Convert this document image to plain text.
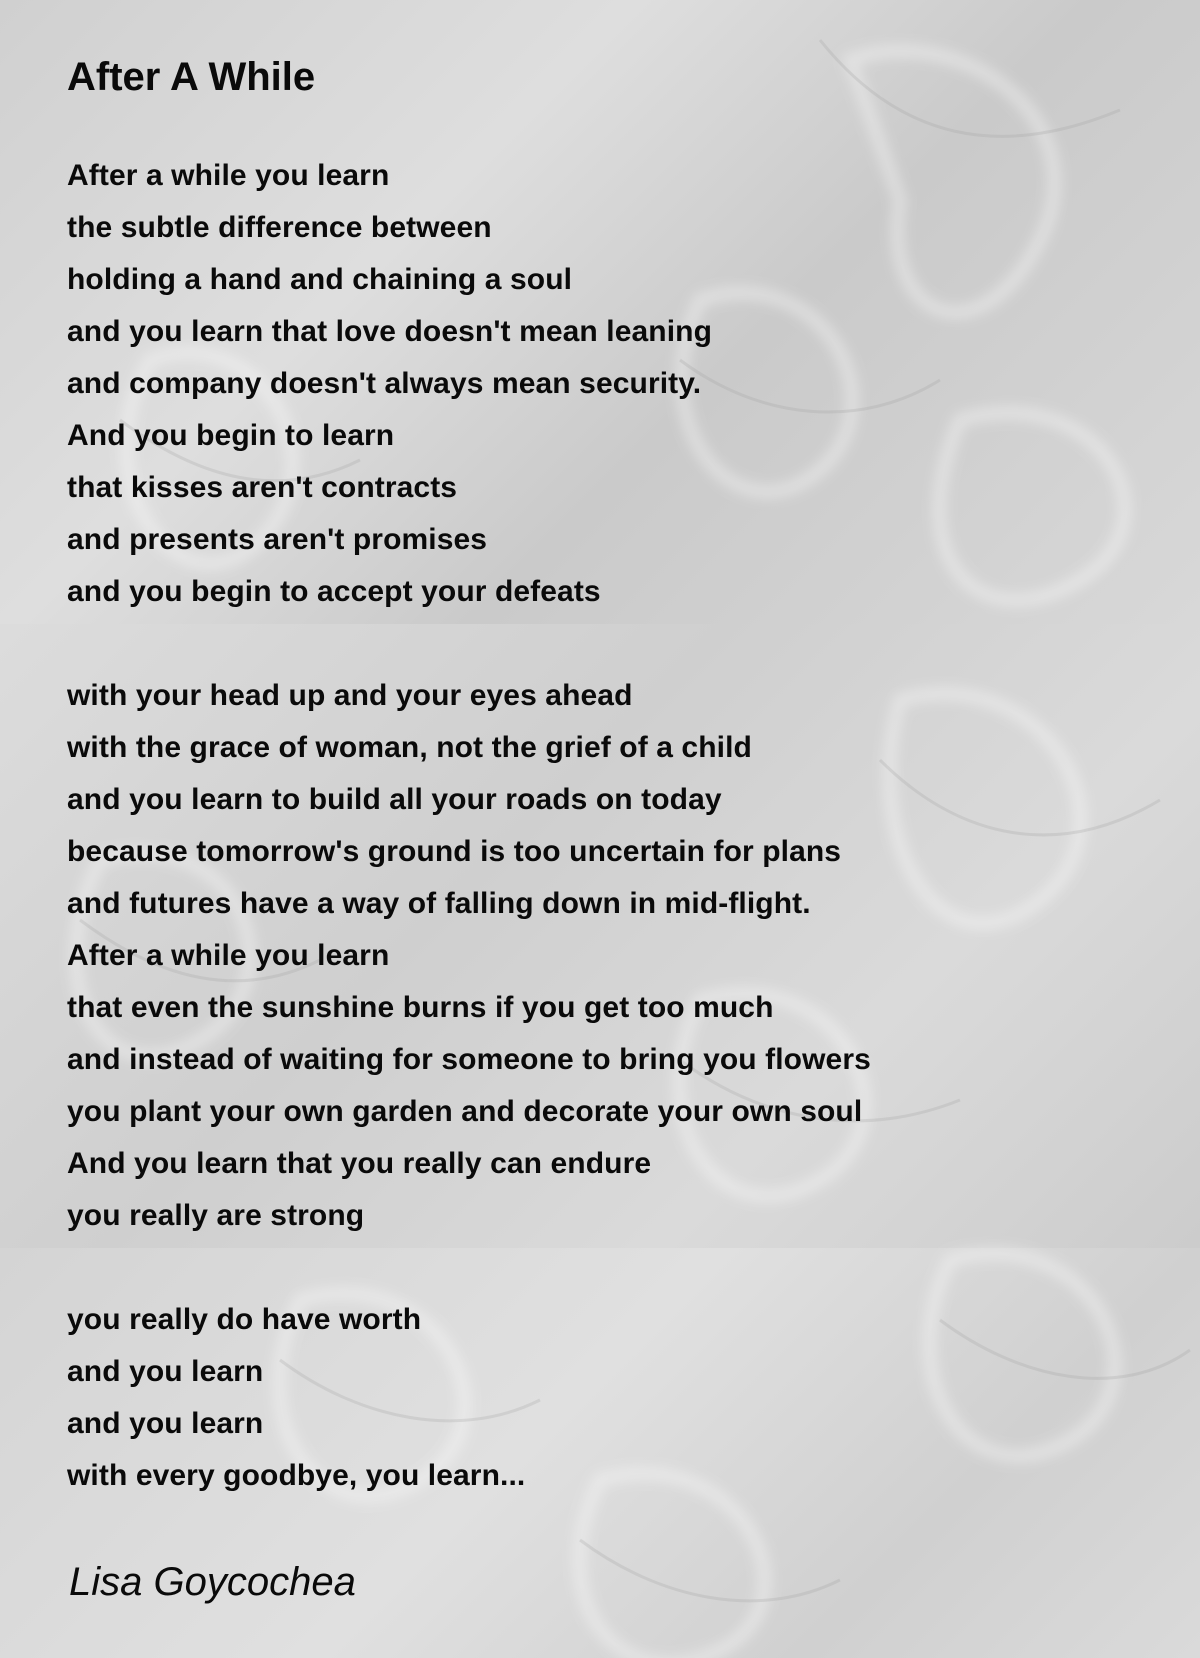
After A While
After a while you learn
the subtle difference between
holding a hand and chaining a soul
and you learn that love doesn't mean leaning
and company doesn't always mean security.
And you begin to learn
that kisses aren't contracts
and presents aren't promises
and you begin to accept your defeats
with your head up and your eyes ahead
with the grace of woman, not the grief of a child
and you learn to build all your roads on today
because tomorrow's ground is too uncertain for plans
and futures have a way of falling down in mid-flight.
After a while you learn
that even the sunshine burns if you get too much
and instead of waiting for someone to bring you flowers
you plant your own garden and decorate your own soul
And you learn that you really can endure
you really are strong
you really do have worth
and you learn
and you learn
with every goodbye, you learn...

Lisa Goycochea
